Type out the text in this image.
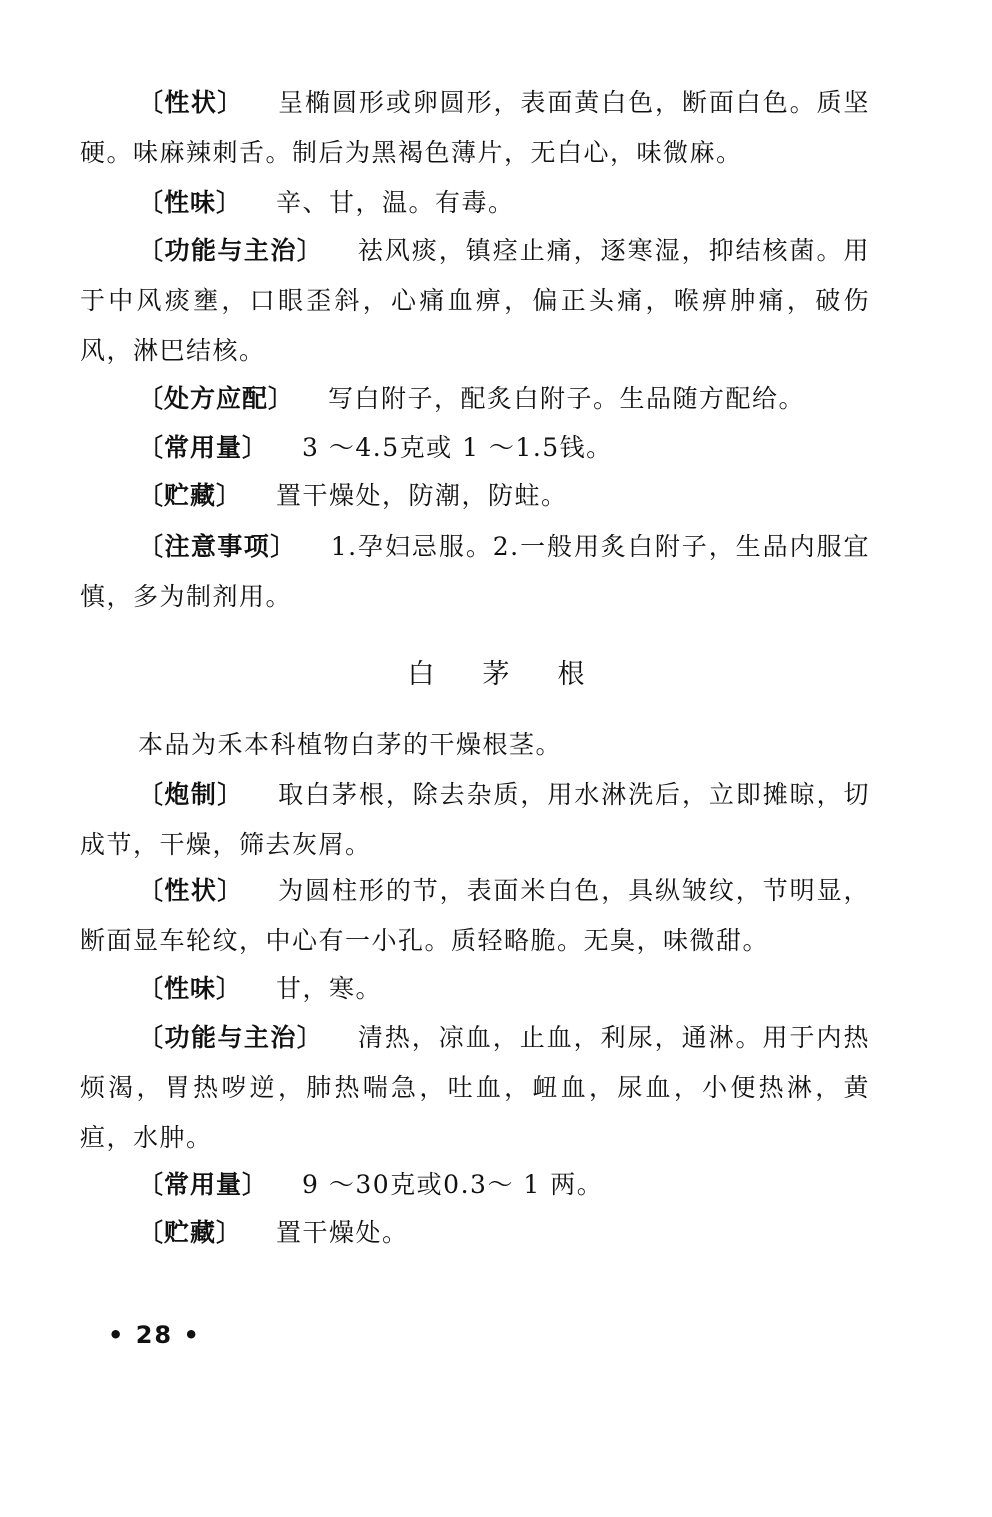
〔性状〕 呈椭圆形或卵圆形，表面黄白色，断面白色。质坚硬。味麻辣刺舌。制后为黑褐色薄片，无白心，味微麻。

〔性味〕 辛、甘，温。有毒。

〔功能与主治〕 祛风痰，镇痉止痛，逐寒湿，抑结核菌。用于中风痰壅，口眼歪斜，心痛血痹，偏正头痛，喉痹肿痛，破伤风，淋巴结核。

〔处方应配〕 写白附子，配炙白附子。生品随方配给。

〔常用量〕 3 ～4.5克或 1 ～1.5钱。

〔贮藏〕 置干燥处，防潮，防蛀。

〔注意事项〕 1.孕妇忌服。2.一般用炙白附子，生品内服宜慎，多为制剂用。

白茅根

本品为禾本科植物白茅的干燥根茎。

〔炮制〕 取白茅根，除去杂质，用水淋洗后，立即摊晾，切成节，干燥，筛去灰屑。

〔性状〕 为圆柱形的节，表面米白色，具纵皱纹，节明显，断面显车轮纹，中心有一小孔。质轻略脆。无臭，味微甜。

〔性味〕 甘，寒。

〔功能与主治〕 清热，凉血，止血，利尿，通淋。用于内热烦渴，胃热哕逆，肺热喘急，吐血，衄血，尿血，小便热淋，黄疸，水肿。

〔常用量〕 9 ～30克或0.3～ 1 两。

〔贮藏〕 置干燥处。

• 28 •
